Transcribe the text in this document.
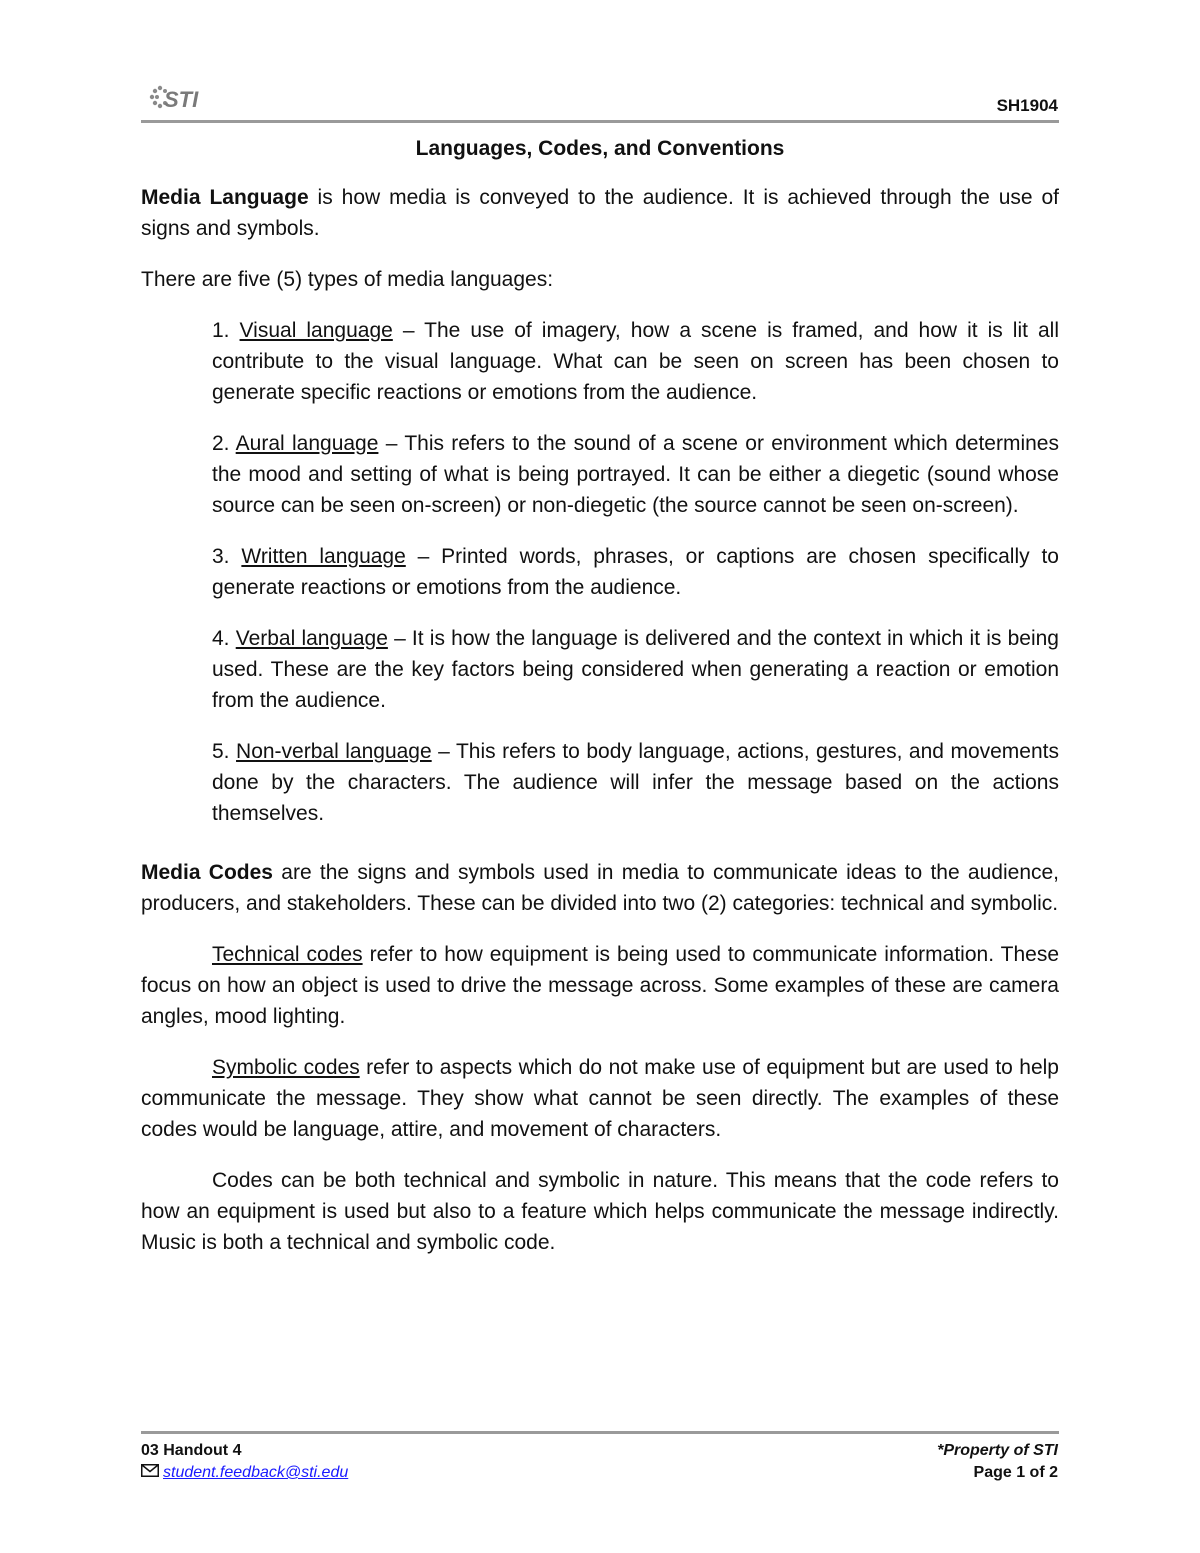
STI	SH1904
Languages, Codes, and Conventions

Media Language is how media is conveyed to the audience. It is achieved through the use of signs and symbols.

There are five (5) types of media languages:

1. Visual language – The use of imagery, how a scene is framed, and how it is lit all contribute to the visual language. What can be seen on screen has been chosen to generate specific reactions or emotions from the audience.
2. Aural language – This refers to the sound of a scene or environment which determines the mood and setting of what is being portrayed. It can be either a diegetic (sound whose source can be seen on-screen) or non-diegetic (the source cannot be seen on-screen).
3. Written language – Printed words, phrases, or captions are chosen specifically to generate reactions or emotions from the audience.
4. Verbal language – It is how the language is delivered and the context in which it is being used. These are the key factors being considered when generating a reaction or emotion from the audience.
5. Non-verbal language – This refers to body language, actions, gestures, and movements done by the characters. The audience will infer the message based on the actions themselves.

Media Codes are the signs and symbols used in media to communicate ideas to the audience, producers, and stakeholders. These can be divided into two (2) categories: technical and symbolic.

Technical codes refer to how equipment is being used to communicate information. These focus on how an object is used to drive the message across. Some examples of these are camera angles, mood lighting.

Symbolic codes refer to aspects which do not make use of equipment but are used to help communicate the message. They show what cannot be seen directly. The examples of these codes would be language, attire, and movement of characters.

Codes can be both technical and symbolic in nature. This means that the code refers to how an equipment is used but also to a feature which helps communicate the message indirectly. Music is both a technical and symbolic code.

03 Handout 4
student.feedback@sti.edu
*Property of STI
Page 1 of 2
